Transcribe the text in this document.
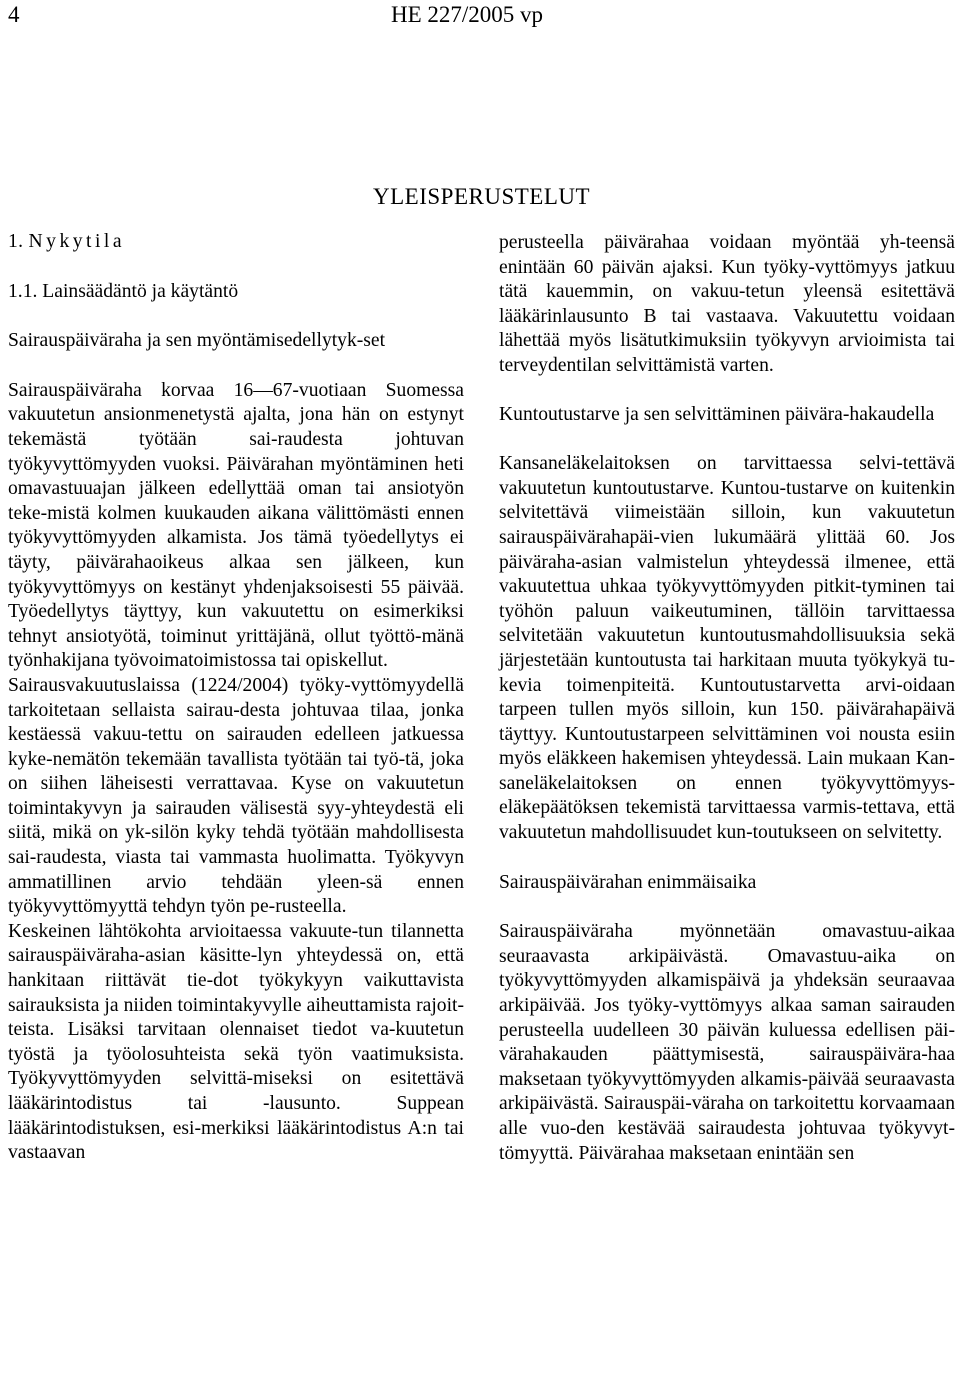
4	HE 227/2005 vp
YLEISPERUSTELUT
1. Nykytila
1.1. Lainsäädäntö ja käytäntö

Sairauspäiväraha ja sen myöntämisedellytyk-set

Sairauspäiväraha korvaa 16—67-vuotiaan Suomessa vakuutetun ansionmenetystä ajalta, jona hän on estynyt tekemästä työtään sai-raudesta johtuvan työkyvyttömyyden vuoksi. Päivärahan myöntäminen heti omavastuuajan jälkeen edellyttää oman tai ansiotyön teke-mistä kolmen kuukauden aikana välittömästi ennen työkyvyttömyyden alkamista. Jos tämä työedellytys ei täyty, päivärahaoikeus alkaa sen jälkeen, kun työkyvyttömyys on kestänyt yhdenjaksoisesti 55 päivää. Työedellytys täyttyy, kun vakuutettu on esimerkiksi tehnyt ansiotyötä, toiminut yrittäjänä, ollut työttö-mänä työnhakijana työvoimatoimistossa tai opiskellut.

Sairausvakuutuslaissa (1224/2004) työky-vyttömyydellä tarkoitetaan sellaista sairau-desta johtuvaa tilaa, jonka kestäessä vakuu-tettu on sairauden edelleen jatkuessa kyke-nemätön tekemään tavallista työtään tai työ-tä, joka on siihen läheisesti verrattavaa. Kyse on vakuutetun toimintakyvyn ja sairauden välisestä syy-yhteydestä eli siitä, mikä on yk-silön kyky tehdä työtään mahdollisesta sai-raudesta, viasta tai vammasta huolimatta. Työkyvyn ammatillinen arvio tehdään yleen-sä ennen työkyvyttömyyttä tehdyn työn pe-rusteella.

Keskeinen lähtökohta arvioitaessa vakuute-tun tilannetta sairauspäiväraha-asian käsitte-lyn yhteydessä on, että hankitaan riittävät tie-dot työkykyyn vaikuttavista sairauksista ja niiden toimintakyvylle aiheuttamista rajoit-teista. Lisäksi tarvitaan olennaiset tiedot va-kuutetun työstä ja työolosuhteista sekä työn vaatimuksista. Työkyvyttömyyden selvittä-miseksi on esitettävä lääkärintodistus tai -lausunto. Suppean lääkärintodistuksen, esi-merkiksi lääkärintodistus A:n tai vastaavan

perusteella päivärahaa voidaan myöntää yh-teensä enintään 60 päivän ajaksi. Kun työky-vyttömyys jatkuu tätä kauemmin, on vakuu-tetun yleensä esitettävä lääkärinlausunto B tai vastaava. Vakuutettu voidaan lähettää myös lisätutkimuksiin työkyvyn arvioimista tai terveydentilan selvittämistä varten.

Kuntoutustarve ja sen selvittäminen päivära-hakaudella

Kansaneläkelaitoksen on tarvittaessa selvi-tettävä vakuutetun kuntoutustarve. Kuntou-tustarve on kuitenkin selvitettävä viimeistään silloin, kun vakuutetun sairauspäivärahapäi-vien lukumäärä ylittää 60. Jos päiväraha-asian valmistelun yhteydessä ilmenee, että vakuutettua uhkaa työkyvyttömyyden pitkit-tyminen tai työhön paluun vaikeutuminen, tällöin tarvittaessa selvitetään vakuutetun kuntoutusmahdollisuuksia sekä järjestetään kuntoutusta tai harkitaan muuta työkykyä tu-kevia toimenpiteitä. Kuntoutustarvetta arvi-oidaan tarpeen tullen myös silloin, kun 150. päivärahapäivä täyttyy. Kuntoutustarpeen selvittäminen voi nousta esiin myös eläkkeen hakemisen yhteydessä. Lain mukaan Kan-saneläkelaitoksen on ennen työkyvyttömyys-eläkepäätöksen tekemistä tarvittaessa varmis-tettava, että vakuutetun mahdollisuudet kun-toutukseen on selvitetty.

Sairauspäivärahan enimmäisaika

Sairauspäiväraha myönnetään omavastuu-aikaa seuraavasta arkipäivästä. Omavastuu-aika on työkyvyttömyyden alkamispäivä ja yhdeksän seuraavaa arkipäivää. Jos työky-vyttömyys alkaa saman sairauden perusteella uudelleen 30 päivän kuluessa edellisen päi-värahakauden päättymisestä, sairauspäivära-haa maksetaan työkyvyttömyyden alkamis-päivää seuraavasta arkipäivästä. Sairauspäi-väraha on tarkoitettu korvaamaan alle vuo-den kestävää sairaudesta johtuvaa työkyvyt-tömyyttä. Päivärahaa maksetaan enintään sen
